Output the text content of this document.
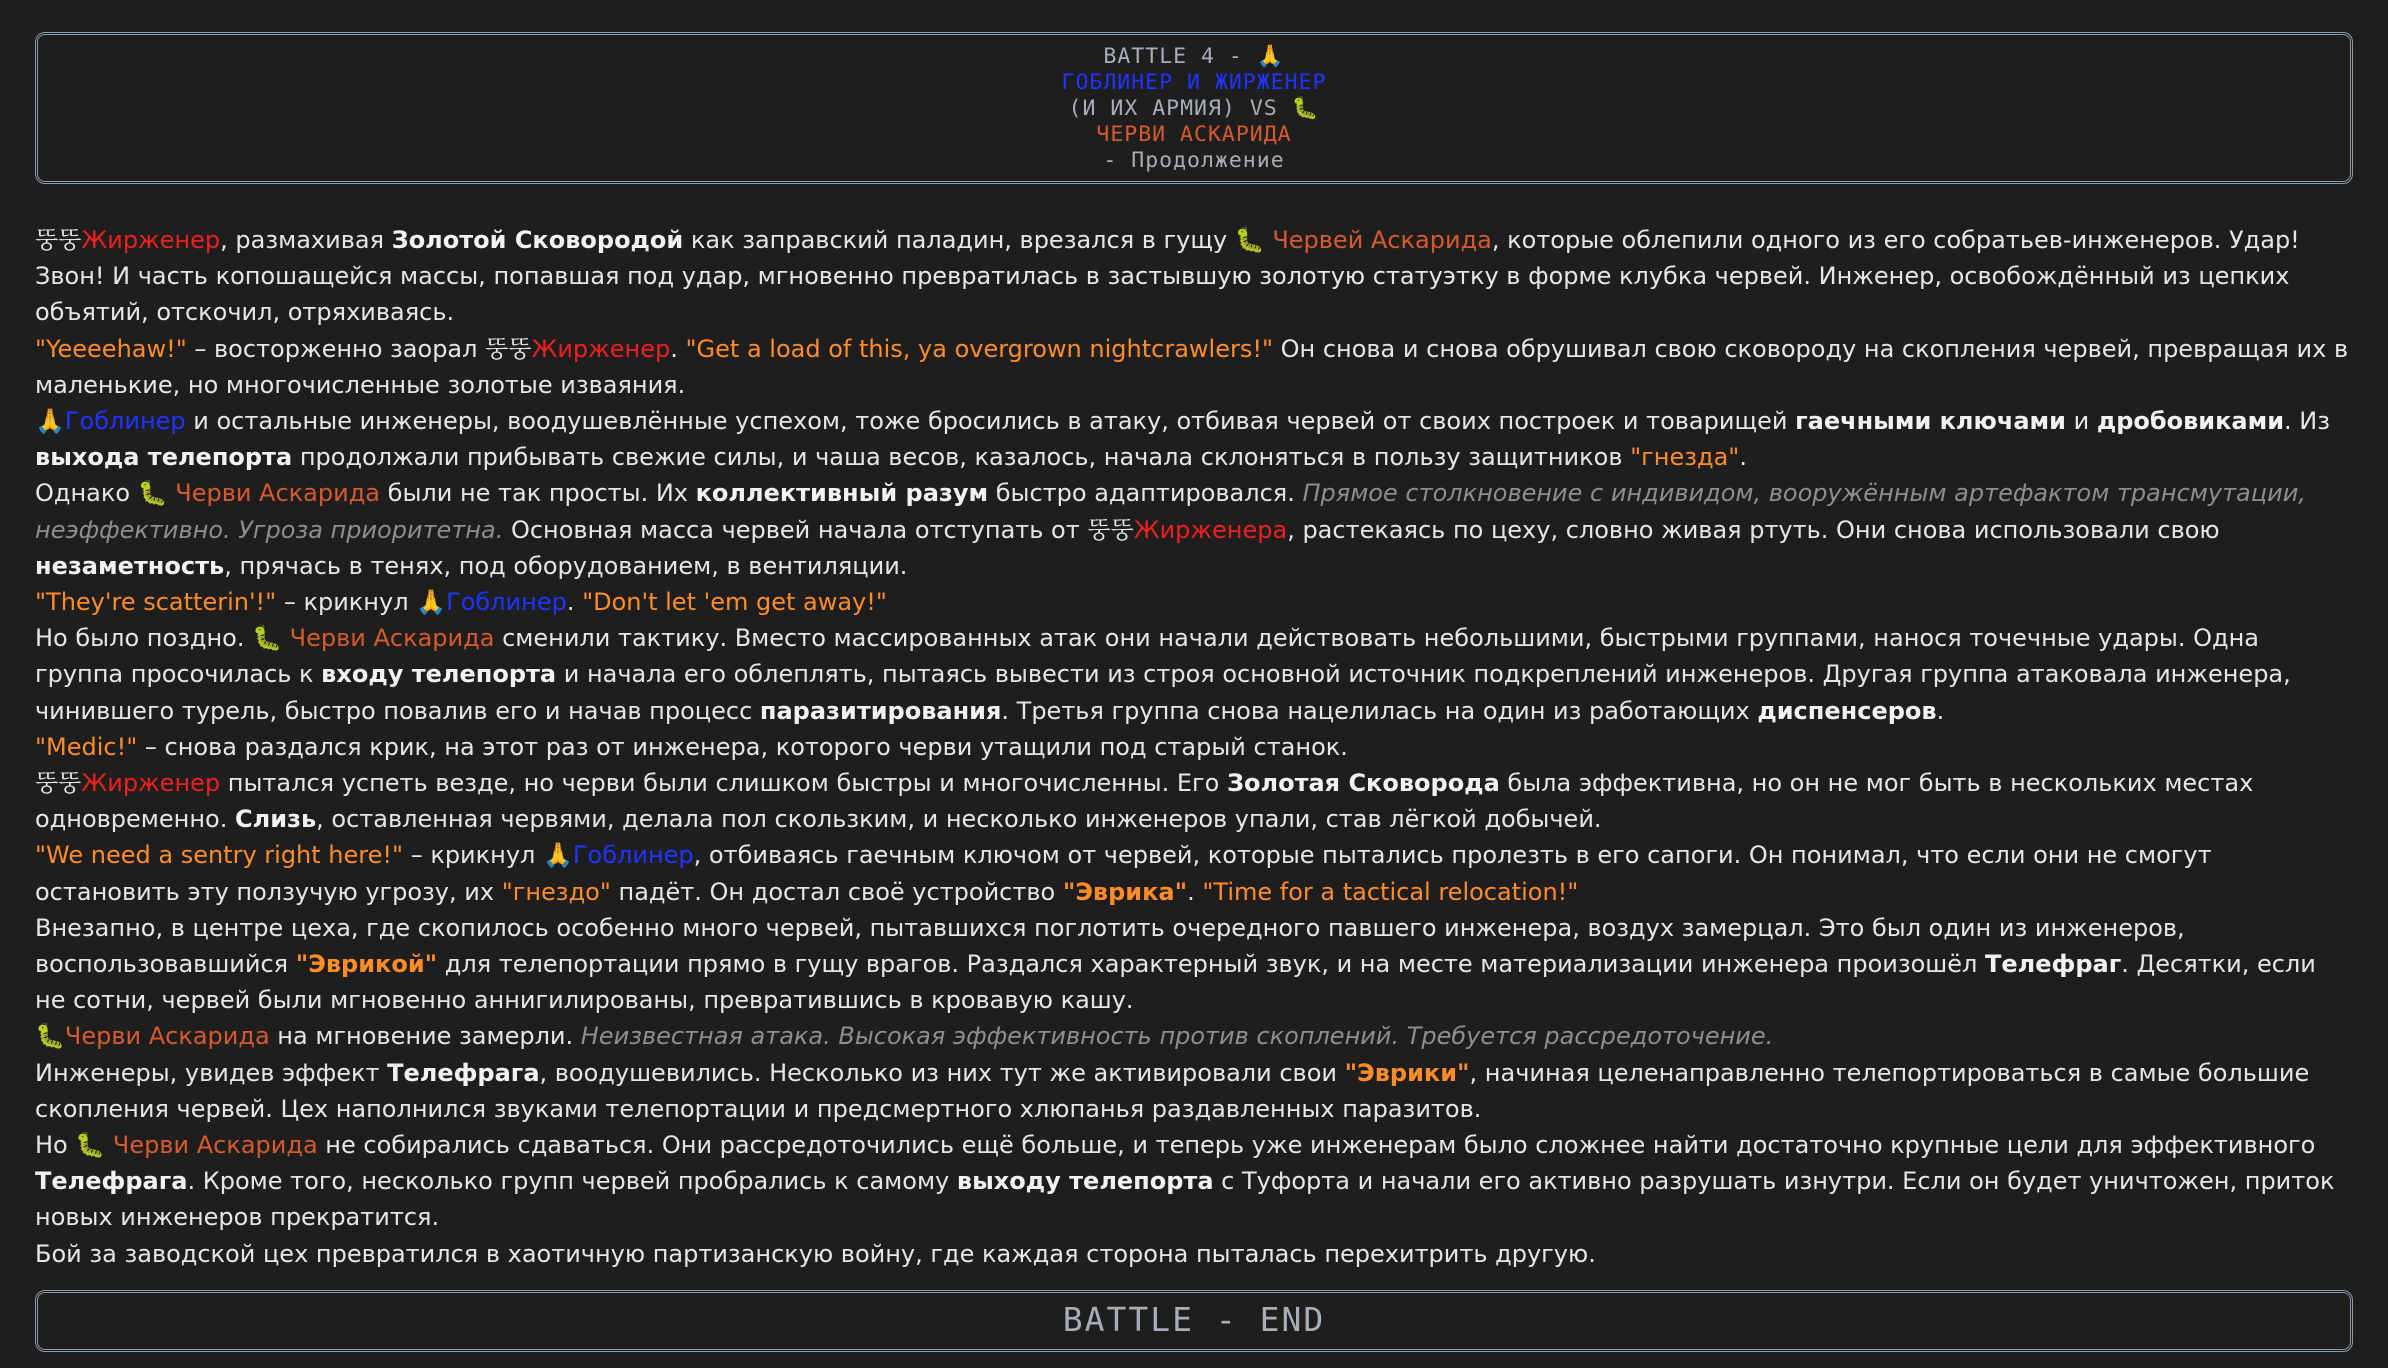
BATTLE 4 - 🙏
ГОБЛИНЕР И ЖИРЖЕНЕР
(И ИХ АРМИЯ) VS 🐛
ЧЕРВИ АСКАРИДА
- Продолжение

뚱뚱Жирженер, размахивая Золотой Сковородой как заправский паладин, врезался в гущу 🐛 Червей Аскарида, которые облепили одного из его собратьев-инженеров. Удар! Звон! И часть копошащейся массы, попавшая под удар, мгновенно превратилась в застывшую золотую статуэтку в форме клубка червей. Инженер, освобождённый из цепких объятий, отскочил, отряхиваясь.

"Yeeeehaw!" – восторженно заорал 뚱뚱Жирженер. "Get a load of this, ya overgrown nightcrawlers!" Он снова и снова обрушивал свою сковороду на скопления червей, превращая их в маленькие, но многочисленные золотые изваяния.

🙏Гоблинер и остальные инженеры, воодушевлённые успехом, тоже бросились в атаку, отбивая червей от своих построек и товарищей гаечными ключами и дробовиками. Из выхода телепорта продолжали прибывать свежие силы, и чаша весов, казалось, начала склоняться в пользу защитников "гнезда".

Однако 🐛 Черви Аскарида были не так просты. Их коллективный разум быстро адаптировался. Прямое столкновение с индивидом, вооружённым артефактом трансмутации, неэффективно. Угроза приоритетна. Основная масса червей начала отступать от 뚱뚱Жирженера, растекаясь по цеху, словно живая ртуть. Они снова использовали свою незаметность, прячась в тенях, под оборудованием, в вентиляции.

"They're scatterin'!" – крикнул 🙏Гоблинер. "Don't let 'em get away!"

Но было поздно. 🐛 Черви Аскарида сменили тактику. Вместо массированных атак они начали действовать небольшими, быстрыми группами, нанося точечные удары. Одна группа просочилась к входу телепорта и начала его облеплять, пытаясь вывести из строя основной источник подкреплений инженеров. Другая группа атаковала инженера, чинившего турель, быстро повалив его и начав процесс паразитирования. Третья группа снова нацелилась на один из работающих диспенсеров.

"Medic!" – снова раздался крик, на этот раз от инженера, которого черви утащили под старый станок.

뚱뚱Жирженер пытался успеть везде, но черви были слишком быстры и многочисленны. Его Золотая Сковорода была эффективна, но он не мог быть в нескольких местах одновременно. Слизь, оставленная червями, делала пол скользким, и несколько инженеров упали, став лёгкой добычей.

"We need a sentry right here!" – крикнул 🙏Гоблинер, отбиваясь гаечным ключом от червей, которые пытались пролезть в его сапоги. Он понимал, что если они не смогут остановить эту ползучую угрозу, их "гнездо" падёт. Он достал своё устройство "Эврика". "Time for a tactical relocation!"

Внезапно, в центре цеха, где скопилось особенно много червей, пытавшихся поглотить очередного павшего инженера, воздух замерцал. Это был один из инженеров, воспользовавшийся "Эврикой" для телепортации прямо в гущу врагов. Раздался характерный звук, и на месте материализации инженера произошёл Телефраг. Десятки, если не сотни, червей были мгновенно аннигилированы, превратившись в кровавую кашу.

🐛Черви Аскарида на мгновение замерли. Неизвестная атака. Высокая эффективность против скоплений. Требуется рассредоточение.

Инженеры, увидев эффект Телефрага, воодушевились. Несколько из них тут же активировали свои "Эврики", начиная целенаправленно телепортироваться в самые большие скопления червей. Цех наполнился звуками телепортации и предсмертного хлюпанья раздавленных паразитов.

Но 🐛 Черви Аскарида не собирались сдаваться. Они рассредоточились ещё больше, и теперь уже инженерам было сложнее найти достаточно крупные цели для эффективного Телефрага. Кроме того, несколько групп червей пробрались к самому выходу телепорта с Туфорта и начали его активно разрушать изнутри. Если он будет уничтожен, приток новых инженеров прекратится.

Бой за заводской цех превратился в хаотичную партизанскую войну, где каждая сторона пыталась перехитрить другую.

BATTLE - END
